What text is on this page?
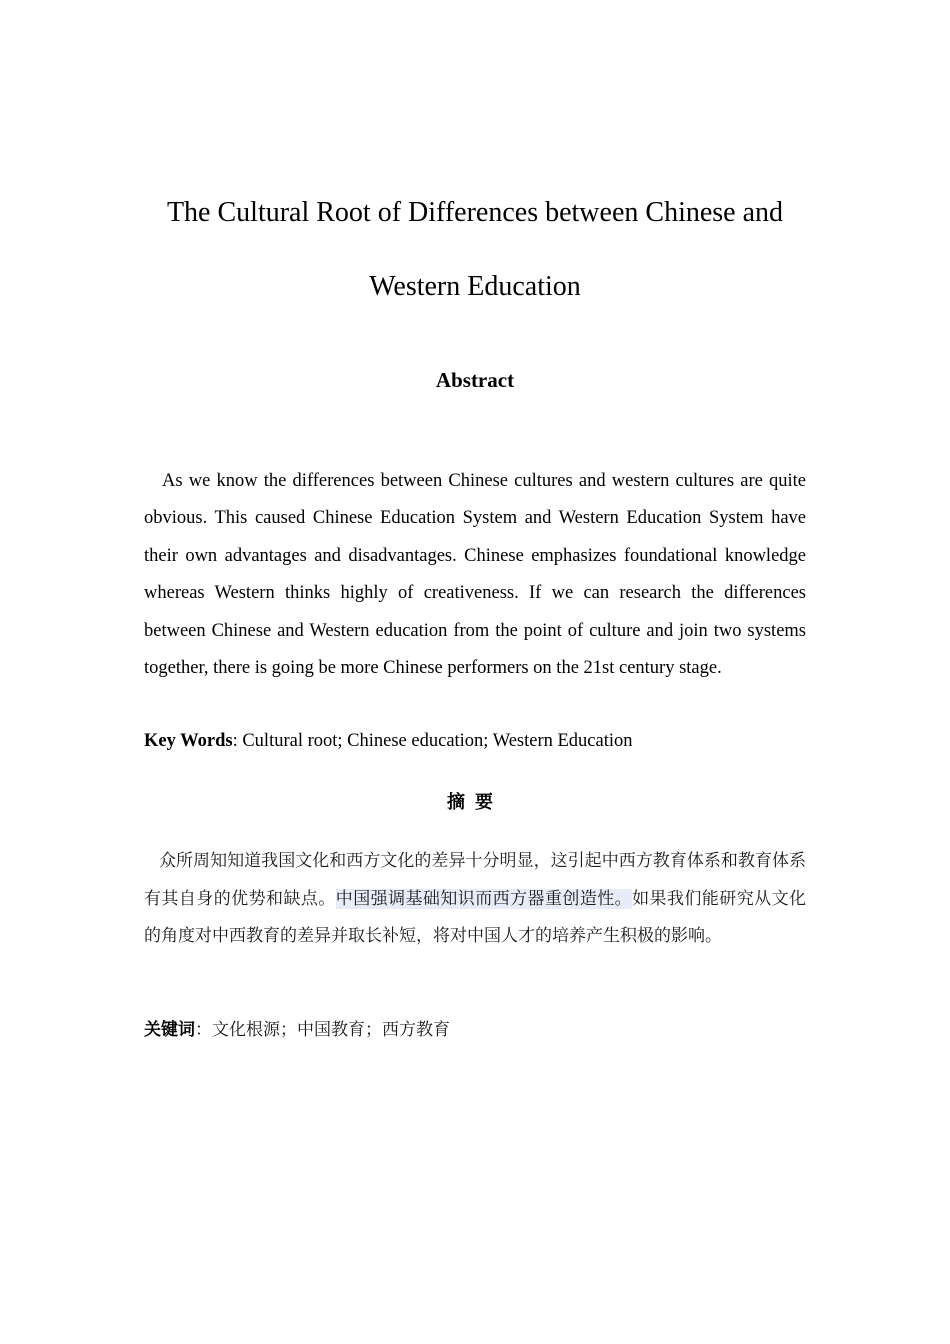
The Cultural Root of Differences between Chinese and
Western Education
Abstract

As we know the differences between Chinese cultures and western cultures are quite obvious. This caused Chinese Education System and Western Education System have their own advantages and disadvantages. Chinese emphasizes foundational knowledge whereas Western thinks highly of creativeness. If we can research the differences between Chinese and Western education from the point of culture and join two systems together, there is going be more Chinese performers on the 21st century stage.

Key Words: Cultural root; Chinese education; Western Education

摘要

众所周知知道我国文化和西方文化的差异十分明显，这引起中西方教育体系和教育体系有其自身的优势和缺点。中国强调基础知识而西方器重创造性。如果我们能研究从文化的角度对中西教育的差异并取长补短，将对中国人才的培养产生积极的影响。

关键词：文化根源；中国教育；西方教育
